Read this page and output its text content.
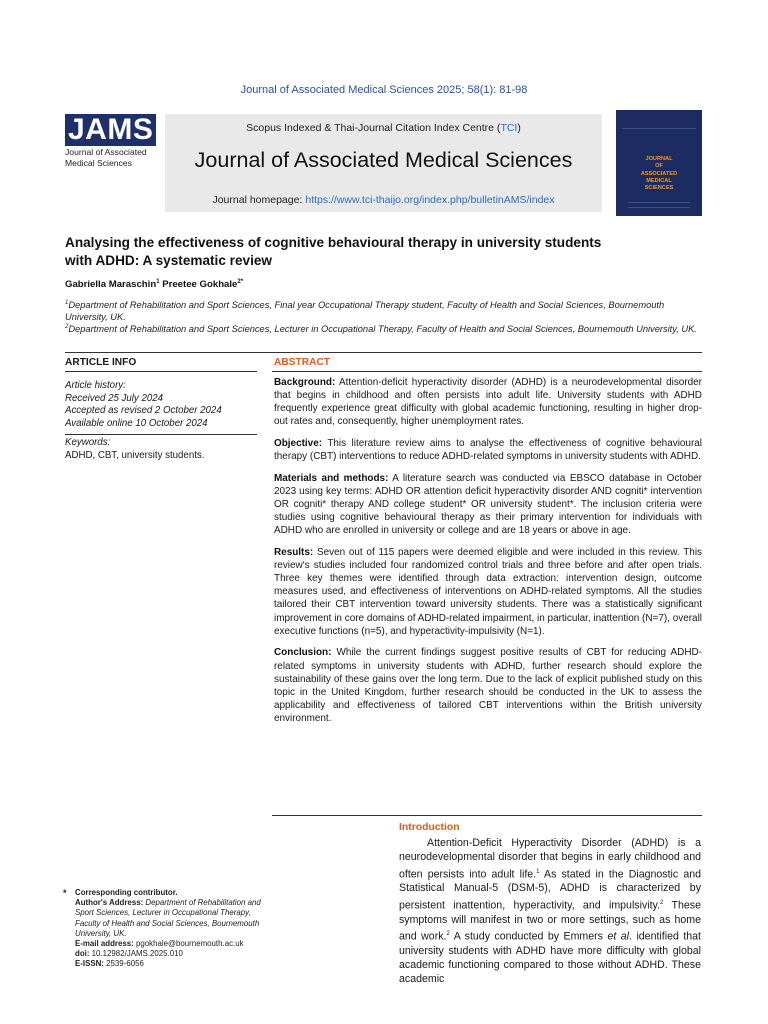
Journal of Associated Medical Sciences 2025; 58(1): 81-98
JAMS
Journal of Associated
Medical Sciences
Scopus Indexed & Thai-Journal Citation Index Centre (TCI)
Journal of Associated Medical Sciences
Journal homepage: https://www.tci-thaijo.org/index.php/bulletinAMS/index
JOURNAL
OF
ASSOCIATED
MEDICAL
SCIENCES
Analysing the effectiveness of cognitive behavioural therapy in university students
with ADHD: A systematic review
Gabriella Maraschin$^1$ Preetee Gokhale$^{2*}$
$^1$Department of Rehabilitation and Sport Sciences, Final year Occupational Therapy student, Faculty of Health and Social Sciences, Bournemouth University, UK.
$^2$Department of Rehabilitation and Sport Sciences, Lecturer in Occupational Therapy, Faculty of Health and Social Sciences, Bournemouth University, UK.
ARTICLE INFO
Article history:
Received 25 July 2024
Accepted as revised 2 October 2024
Available online 10 October 2024
Keywords:
ADHD, CBT, university students.
ABSTRACT

Background: Attention-deficit hyperactivity disorder (ADHD) is a neurodevelopmental disorder that begins in childhood and often persists into adult life. University students with ADHD frequently experience great difficulty with global academic functioning, resulting in higher drop-out rates and, consequently, higher unemployment rates.

Objective: This literature review aims to analyse the effectiveness of cognitive behavioural therapy (CBT) interventions to reduce ADHD-related symptoms in university students with ADHD.

Materials and methods: A literature search was conducted via EBSCO database in October 2023 using key terms: ADHD OR attention deficit hyperactivity disorder AND cogniti* intervention OR cogniti* therapy AND college student* OR university student*. The inclusion criteria were studies using cognitive behavioural therapy as their primary intervention for individuals with ADHD who are enrolled in university or college and are 18 years or above in age.

Results: Seven out of 115 papers were deemed eligible and were included in this review. This review's studies included four randomized control trials and three before and after open trials. Three key themes were identified through data extraction: intervention design, outcome measures used, and effectiveness of interventions on ADHD-related symptoms. All the studies tailored their CBT intervention toward university students. There was a statistically significant improvement in core domains of ADHD-related impairment, in particular, inattention (N=7), overall executive functions (n=5), and hyperactivity-impulsivity (N=1).

Conclusion: While the current findings suggest positive results of CBT for reducing ADHD-related symptoms in university students with ADHD, further research should explore the sustainability of these gains over the long term. Due to the lack of explicit published study on this topic in the United Kingdom, further research should be conducted in the UK to assess the applicability and effectiveness of tailored CBT interventions within the British university environment.

Introduction

Attention-Deficit Hyperactivity Disorder (ADHD) is a neurodevelopmental disorder that begins in early childhood and often persists into adult life.$^1$ As stated in the Diagnostic and Statistical Manual-5 (DSM-5), ADHD is characterized by persistent inattention, hyperactivity, and impulsivity.$^2$ These symptoms will manifest in two or more settings, such as home and work.$^2$ A study conducted by Emmers et al. identified that university students with ADHD have more difficulty with global academic functioning compared to those without ADHD. These academic

* Corresponding contributor.
Author's Address: Department of Rehabilitation and Sport Sciences, Lecturer in Occupational Therapy, Faculty of Health and Social Sciences, Bournemouth University, UK.
E-mail address: pgokhale@bournemouth.ac.uk
doi: 10.12982/JAMS.2025.010
E-ISSN: 2539-6056
